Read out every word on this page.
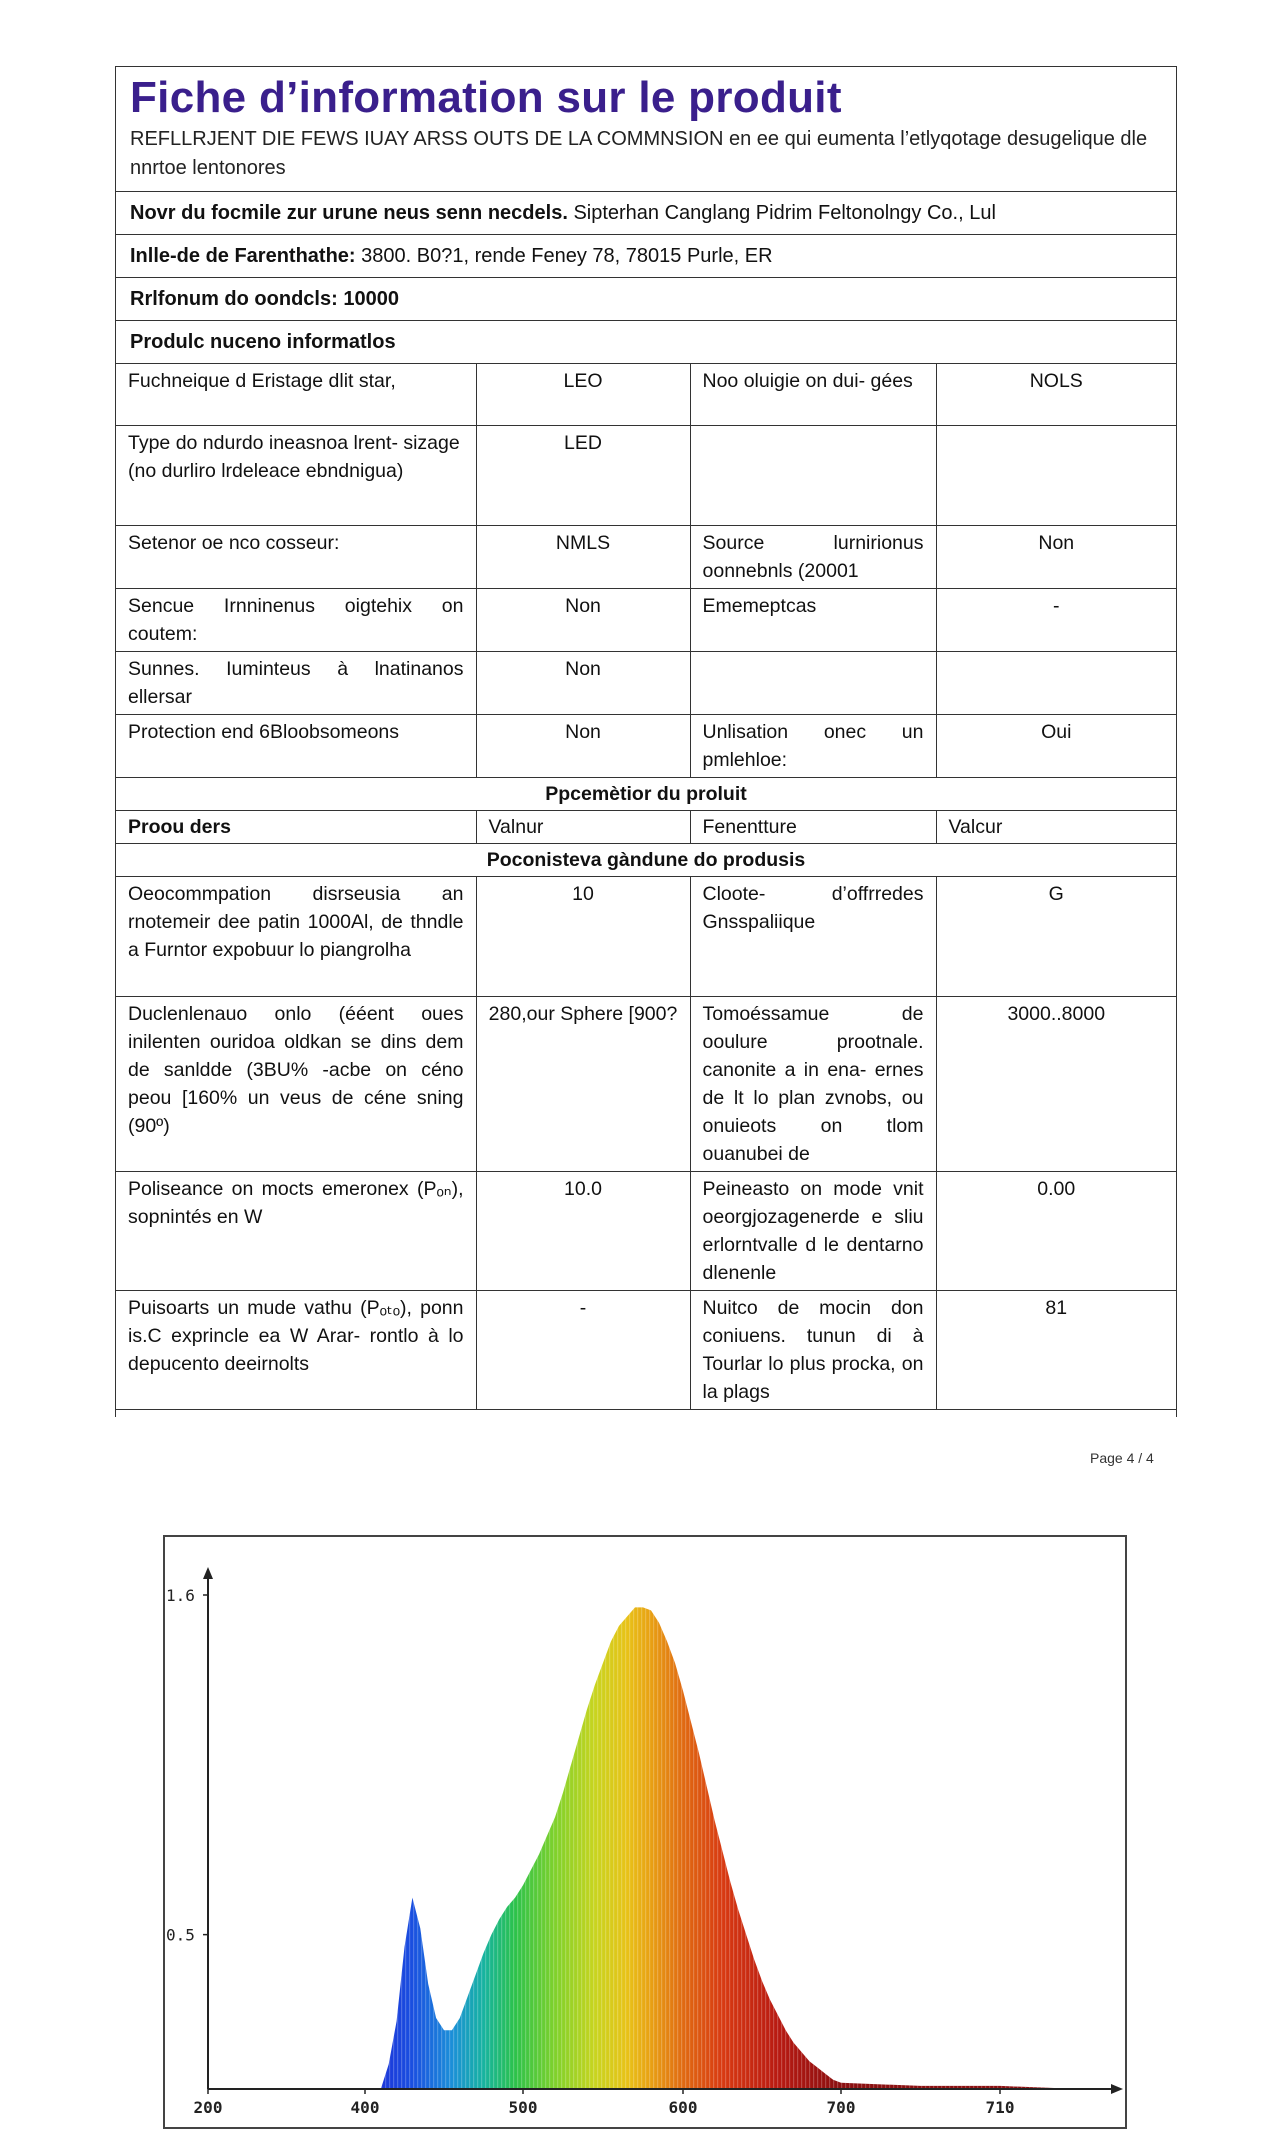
Fiche d’information sur le produit
REFLLRJENT DIE FEWS IUAY ARSS OUTS DE LA COMMNSION en ee qui eumenta l’etlyqotage desugelique dle nnrtoe lentonores
Novr du focmile zur urune neus senn necdels. Sipterhan Canglang Pidrim Feltonolngy Co., Lul
Inlle-de de Farenthathe: 3800. B0?1, rende Feney 78, 78015 Purle, ER
Rrlfonum do oondcls: 10000
Produlc nuceno informatlos
Fuchneique d Eristage dlit star,	LEO	Noo oluigie on dui- gées	NOLS

Type do ndurdo ineasnoa lrent- sizage
(no durliro lrdeleace ebndnigua)	LED		
Setenor oe nco cosseur:	NMLS	Source lurnirionus oonnebnls (20001	Non
Sencue Irnninenus oigtehix on coutem:	Non	Ememeptcas	-
Sunnes. Iuminteus à lnatinanos ellersar	Non		
Protection end 6Bloobsomeons	Non	Unlisation onec un pmlehloe:	Oui
Ppcemètior du proluit			
Proou ders	Valnur	Fenentture	Valcur
Poconisteva gàndune do produsis			
Oeocommpation disrseusia an rnotemeir dee patin 1000Al, de thndle a Furntor expobuur lo piangrolha	10	Cloote- d’offrredes Gnsspaliique	G
Duclenlenauo onlo (ééent oues inilenten ouridoa oldkan se dins dem de sanldde (3BU% -acbe on céno peou [160% un veus de céne sning (90º)	280,our Sphere [900?	Tomoéssamue de ooulure prootnale. canonite a in ena- ernes de lt lo plan zvnobs, ou onuieots on tlom ouanubei de	3000..8000
Poliseance on mocts emeronex (Pₒₙ), sopnintés en W	10.0	Peineasto on mode vnit oeorgjozagenerde e sliu erlorntvalle d le dentarno dlenenle	0.00
Puisoarts un mude vathu (Pₒₜₒ), ponn is.C exprincle ea W Arar- rontlo à lo depucento deeirnolts	-	Nuitco de mocin don coniuens. tunun di à Tourlar lo plus procka, on la plags	81
Page 4 / 4
200	400	500	600	700	710
1.6
0.5
